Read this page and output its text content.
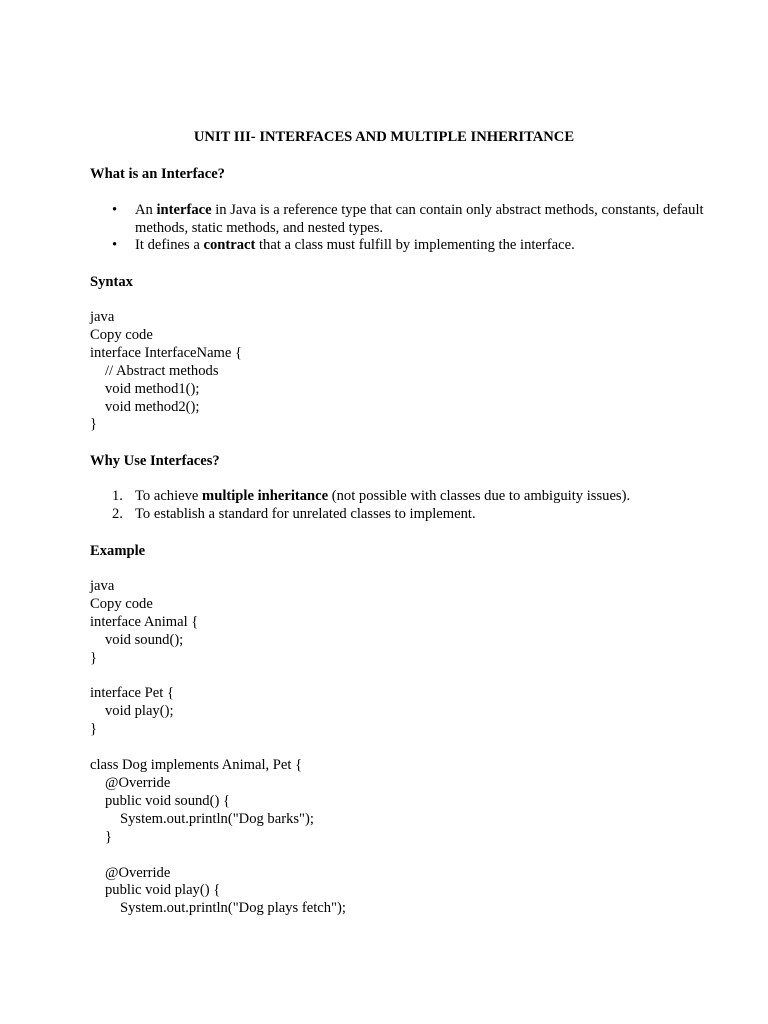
UNIT III- INTERFACES AND MULTIPLE INHERITANCE
What is an Interface?
• An interface in Java is a reference type that can contain only abstract methods, constants, default methods, static methods, and nested types.
• It defines a contract that a class must fulfill by implementing the interface.
Syntax
java
Copy code
interface InterfaceName {
// Abstract methods
void method1();
void method2();
}
Why Use Interfaces?
1. To achieve multiple inheritance (not possible with classes due to ambiguity issues).
2. To establish a standard for unrelated classes to implement.
Example
java
Copy code
interface Animal {
void sound();
}

interface Pet {
void play();
}

class Dog implements Animal, Pet {
@Override
public void sound() {
System.out.println("Dog barks");
}

@Override
public void play() {
System.out.println("Dog plays fetch");
